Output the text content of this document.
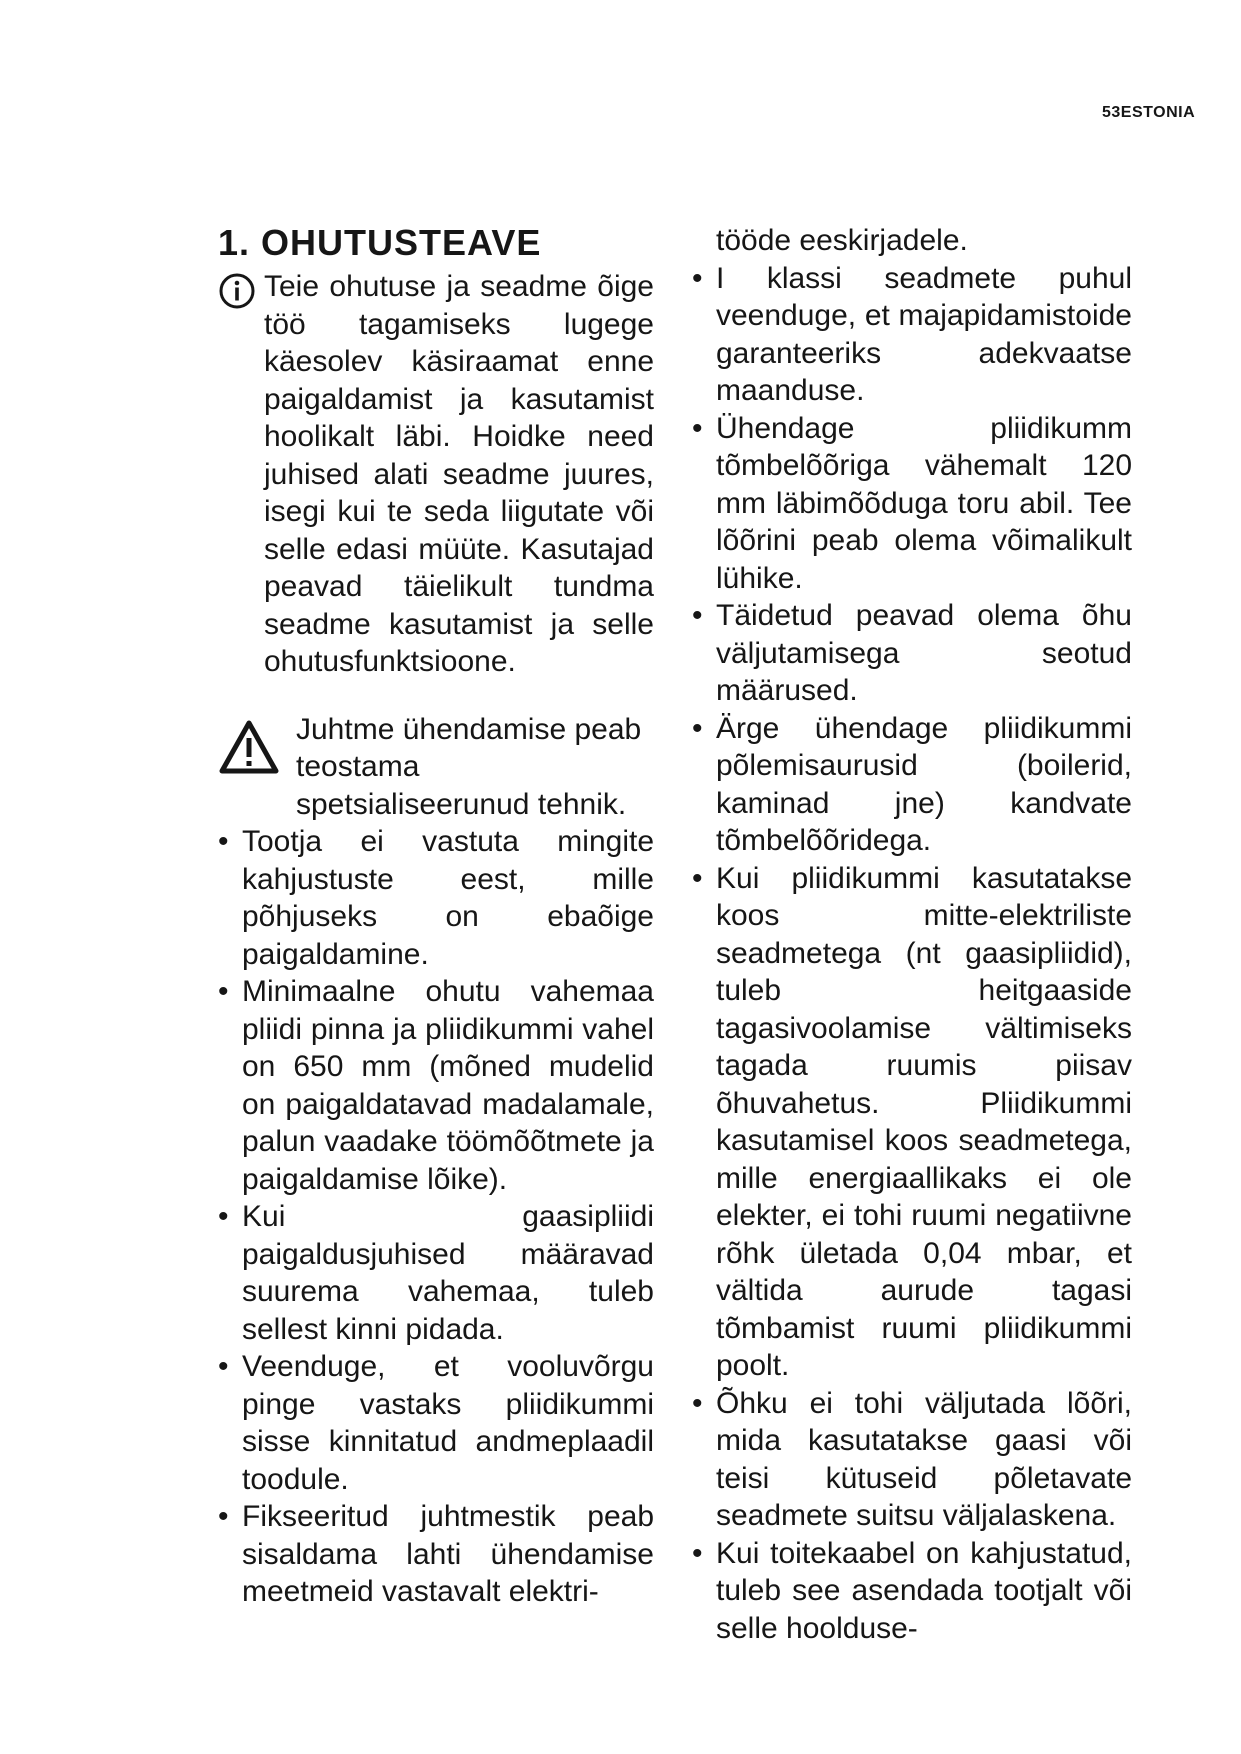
53ESTONIA
1. OHUTUSTEAVE
Teie ohutuse ja seadme õige töö tagamiseks lugege käesolev käsiraamat enne paigaldamist ja kasutamist hoolikalt läbi. Hoidke need juhised alati seadme juures, isegi kui te seda liigutate või selle edasi müüte. Kasutajad peavad täielikult tundma seadme kasutamist ja selle ohutusfunktsioone.
Juhtme ühendamise peab teostama spetsialiseerunud tehnik.
• Tootja ei vastuta mingite kahjustuste eest, mille põhjuseks on ebaõige paigaldamine.
• Minimaalne ohutu vahemaa pliidi pinna ja pliidikummi vahel on 650 mm (mõned mudelid on paigaldatavad madalamale, palun vaadake töömõõtmete ja paigaldamise lõike).
• Kui gaasipliidi paigaldusjuhised määravad suurema vahemaa, tuleb sellest kinni pidada.
• Veenduge, et vooluvõrgu pinge vastaks pliidikummi sisse kinnitatud andmeplaadil toodule.
• Fikseeritud juhtmestik peab sisaldama lahti ühendamise meetmeid vastavalt elektri-

tööde eeskirjadele.

• I klassi seadmete puhul veenduge, et majapidamistoide garanteeriks adekvaatse maanduse.
• Ühendage pliidikumm tõmbelõõriga vähemalt 120 mm läbimõõduga toru abil. Tee lõõrini peab olema võimalikult lühike.
• Täidetud peavad olema õhu väljutamisega seotud määrused.
• Ärge ühendage pliidikummi põlemisaurusid (boilerid, kaminad jne) kandvate tõmbelõõridega.
• Kui pliidikummi kasutatakse koos mitte-elektriliste seadmetega (nt gaasipliidid), tuleb heitgaaside tagasivoolamise vältimiseks tagada ruumis piisav õhuvahetus. Pliidikummi kasutamisel koos seadmetega, mille energiaallikaks ei ole elekter, ei tohi ruumi negatiivne rõhk ületada 0,04 mbar, et vältida aurude tagasi tõmbamist ruumi pliidikummi poolt.
• Õhku ei tohi väljutada lõõri, mida kasutatakse gaasi või teisi kütuseid põletavate seadmete suitsu väljalaskena.
• Kui toitekaabel on kahjustatud, tuleb see asendada tootjalt või selle hoolduse-
